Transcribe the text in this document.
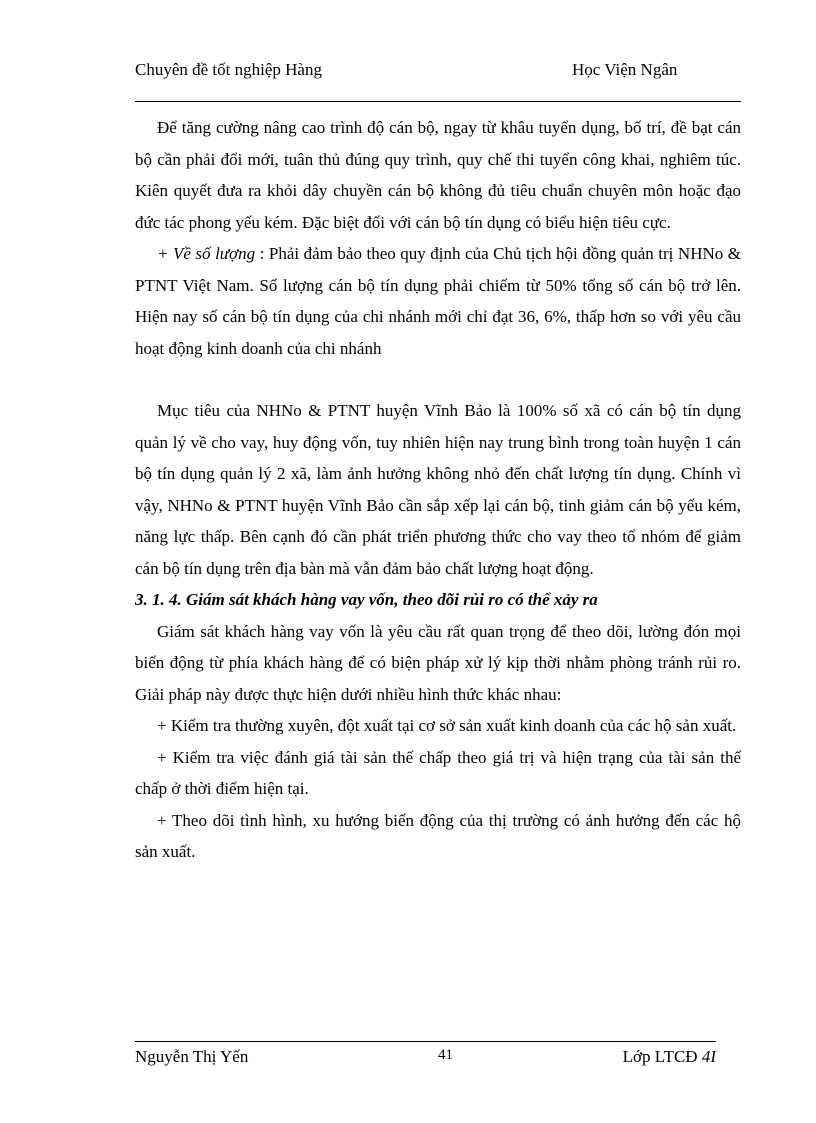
Chuyên đề tốt nghiệp Hàng	Học Viện Ngân

Để tăng cường nâng cao trình độ cán bộ, ngay từ khâu tuyển dụng, bố trí, đề bạt cán bộ cần phải đổi mới, tuân thủ đúng quy trình, quy chế thi tuyển công khai, nghiêm túc. Kiên quyết đưa ra khỏi dây chuyền cán bộ không đủ tiêu chuẩn chuyên môn hoặc đạo đức tác phong yếu kém. Đặc biệt đối với cán bộ tín dụng có biểu hiện tiêu cực.

+ Về số lượng : Phải đảm bảo theo quy định của Chủ tịch hội đồng quản trị NHNo & PTNT Việt Nam. Số lượng cán bộ tín dụng phải chiếm từ 50% tổng số cán bộ trở lên. Hiện nay số cán bộ tín dụng của chi nhánh mới chỉ đạt 36, 6%, thấp hơn so với yêu cầu hoạt động kinh doanh của chi nhánh

Mục tiêu của NHNo & PTNT huyện Vĩnh Bảo là 100% số xã có cán bộ tín dụng quản lý về cho vay, huy động vốn, tuy nhiên hiện nay trung bình trong toàn huyện 1 cán bộ tín dụng quản lý 2 xã, làm ảnh hưởng không nhỏ đến chất lượng tín dụng. Chính vì vậy, NHNo & PTNT huyện Vĩnh Bảo cần sắp xếp lại cán bộ, tinh giảm cán bộ yếu kém, năng lực thấp. Bên cạnh đó cần phát triển phương thức cho vay theo tổ nhóm để giảm cán bộ tín dụng trên địa bàn mà vẫn đảm bảo chất lượng hoạt động.

3. 1. 4. Giám sát khách hàng vay vốn, theo dõi rủi ro có thể xảy ra

Giám sát khách hàng vay vốn là yêu cầu rất quan trọng để theo dõi, lường đón mọi biến động từ phía khách hàng để có biện pháp xử lý kịp thời nhằm phòng tránh rủi ro. Giải pháp này được thực hiện dưới nhiều hình thức khác nhau:

+ Kiểm tra thường xuyên, đột xuất tại cơ sở sản xuất kinh doanh của các hộ sản xuất.

+ Kiểm tra việc đánh giá tài sản thế chấp theo giá trị và hiện trạng của tài sản thế chấp ở thời điểm hiện tại.

+ Theo dõi tình hình, xu hướng biến động của thị trường có ảnh hưởng đến các hộ sản xuất.

Nguyễn Thị Yến	41	Lớp LTCĐ 4I
